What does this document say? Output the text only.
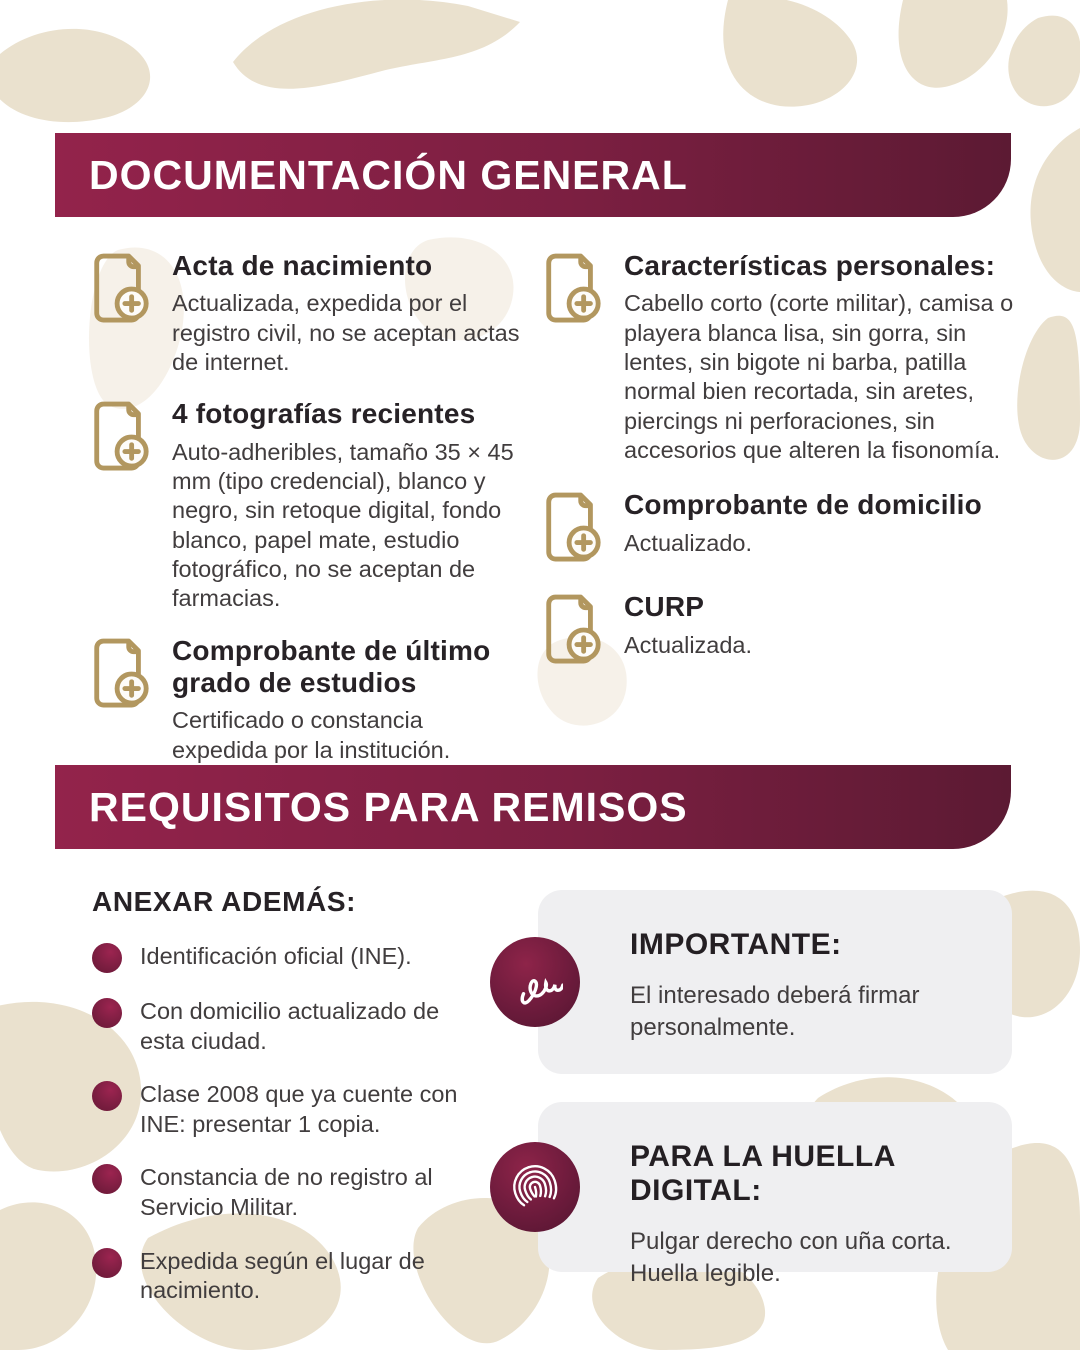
DOCUMENTACIÓN GENERAL

Acta de nacimiento

Actualizada, expedida por el registro civil, no se aceptan actas de internet.

4 fotografías recientes

Auto-adheribles, tamaño 35 × 45 mm (tipo credencial), blanco y negro, sin retoque digital, fondo blanco, papel mate, estudio fotográfico, no se aceptan de farmacias.

Comprobante de último grado de estudios

Certificado o constancia expedida por la institución.

Características personales:

Cabello corto (corte militar), camisa o playera blanca lisa, sin gorra, sin lentes, sin bigote ni barba, patilla normal bien recortada, sin aretes, piercings ni perforaciones, sin accesorios que alteren la fisonomía.

Comprobante de domicilio

Actualizado.

CURP

Actualizada.

REQUISITOS PARA REMISOS

ANEXAR ADEMÁS:

Identificación oficial (INE).
Con domicilio actualizado de esta ciudad.
Clase 2008 que ya cuente con INE: presentar 1 copia.
Constancia de no registro al Servicio Militar.
Expedida según el lugar de nacimiento.

IMPORTANTE:

El interesado deberá firmar personalmente.

PARA LA HUELLA DIGITAL:

Pulgar derecho con uña corta. Huella legible.
